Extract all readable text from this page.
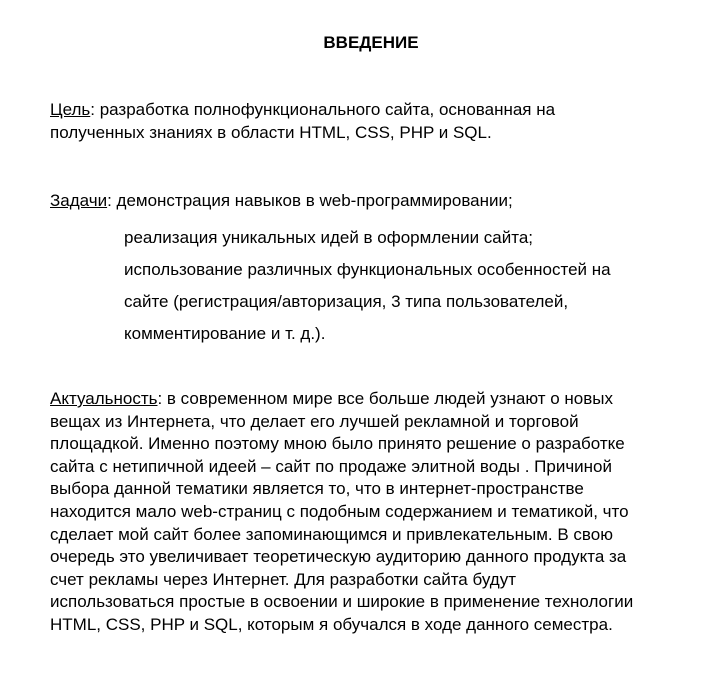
ВВЕДЕНИЕ
Цель: разработка полнофункционального сайта, основанная на
полученных знаниях в области HTML, CSS, PHP и SQL.
Задачи: демонстрация навыков в web-программировании;
реализация уникальных идей в оформлении сайта;
использование различных функциональных особенностей на
сайте (регистрация/авторизация, 3 типа пользователей,
комментирование и т. д.).
Актуальность: в современном мире все больше людей узнают о новых
вещах из Интернета, что делает его лучшей рекламной и торговой
площадкой. Именно поэтому мною было принято решение о разработке
сайта с нетипичной идеей – сайт по продаже элитной воды . Причиной
выбора данной тематики является то, что в интернет-пространстве
находится мало web-страниц с подобным содержанием и тематикой, что
сделает мой сайт более запоминающимся и привлекательным. В свою
очередь это увеличивает теоретическую аудиторию данного продукта за
счет рекламы через Интернет. Для разработки сайта будут
использоваться простые в освоении и широкие в применение технологии
HTML, CSS, PHP и SQL, которым я обучался в ходе данного семестра.
